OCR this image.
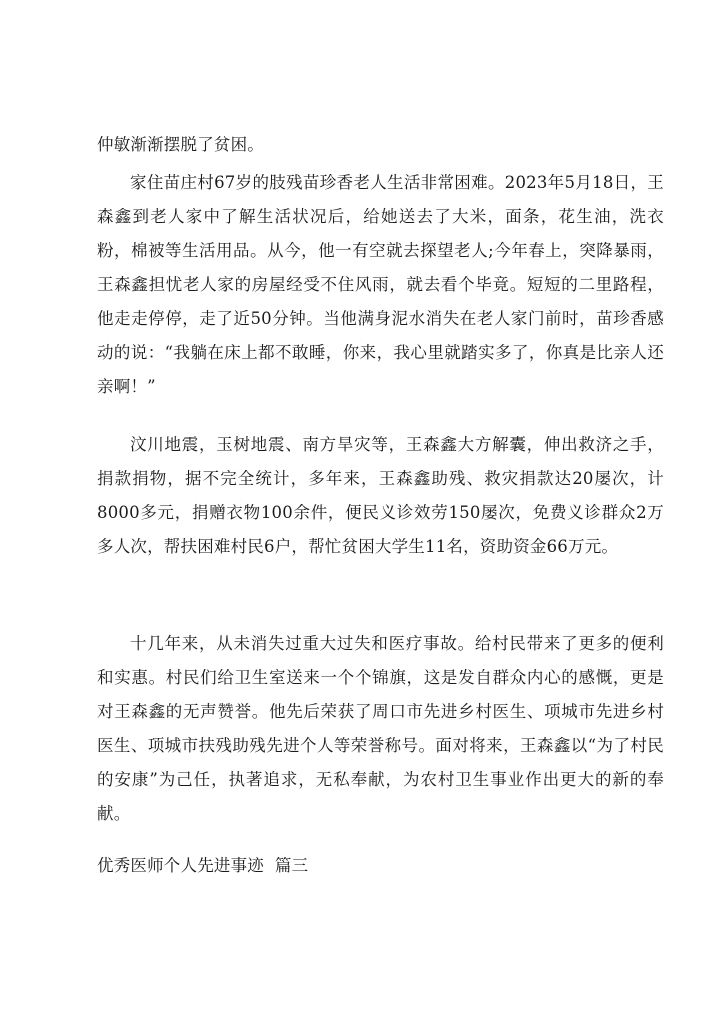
仲敏渐渐摆脱了贫困。

家住苗庄村67岁的肢残苗珍香老人生活非常困难。2023年5月18日，王森鑫到老人家中了解生活状况后，给她送去了大米，面条，花生油，洗衣粉，棉被等生活用品。从今，他一有空就去探望老人;今年春上，突降暴雨，王森鑫担忧老人家的房屋经受不住风雨，就去看个毕竟。短短的二里路程，他走走停停，走了近50分钟。当他满身泥水消失在老人家门前时，苗珍香感动的说：“我躺在床上都不敢睡，你来，我心里就踏实多了，你真是比亲人还亲啊！”

汶川地震，玉树地震、南方旱灾等，王森鑫大方解囊，伸出救济之手，捐款捐物，据不完全统计，多年来，王森鑫助残、救灾捐款达20屡次，计8000多元，捐赠衣物100余件，便民义诊效劳150屡次，免费义诊群众2万多人次，帮扶困难村民6户，帮忙贫困大学生11名，资助资金66万元。

十几年来，从未消失过重大过失和医疗事故。给村民带来了更多的便利和实惠。村民们给卫生室送来一个个锦旗，这是发自群众内心的感慨，更是对王森鑫的无声赞誉。他先后荣获了周口市先进乡村医生、项城市先进乡村医生、项城市扶残助残先进个人等荣誉称号。面对将来，王森鑫以“为了村民的安康”为己任，执著追求，无私奉献，为农村卫生事业作出更大的新的奉献。

优秀医师个人先进事迹  篇三
